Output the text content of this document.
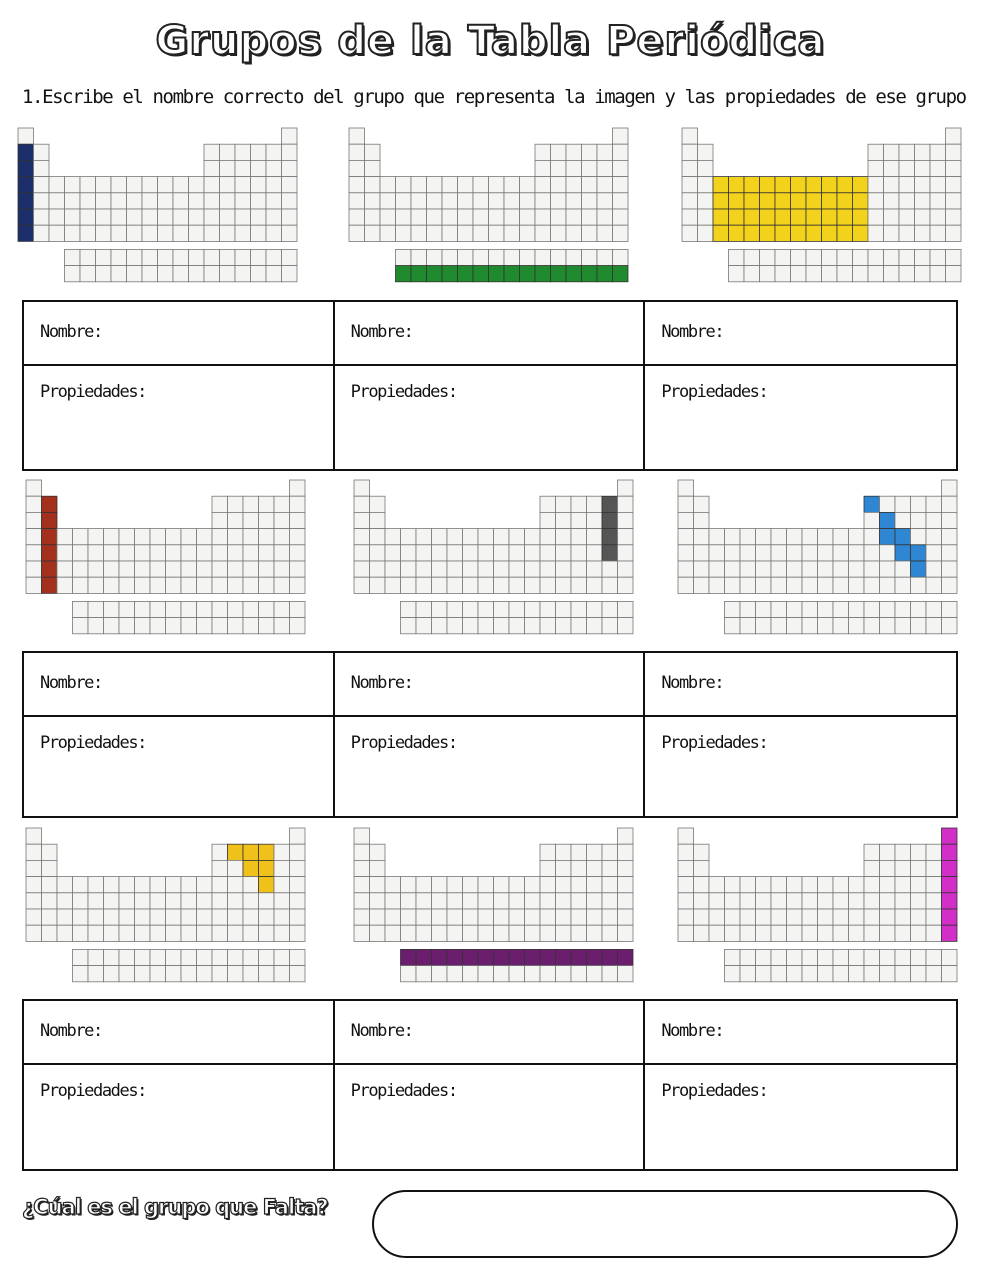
Grupos de la Tabla Periódica
1.Escribe el nombre correcto del grupo que representa la imagen y las propiedades de ese grupo
Nombre:
Propiedades:
Nombre:
Propiedades:
Nombre:
Propiedades:
Nombre:
Propiedades:
Nombre:
Propiedades:
Nombre:
Propiedades:
Nombre:
Propiedades:
Nombre:
Propiedades:
Nombre:
Propiedades:
¿Cúal es el grupo que Falta?
